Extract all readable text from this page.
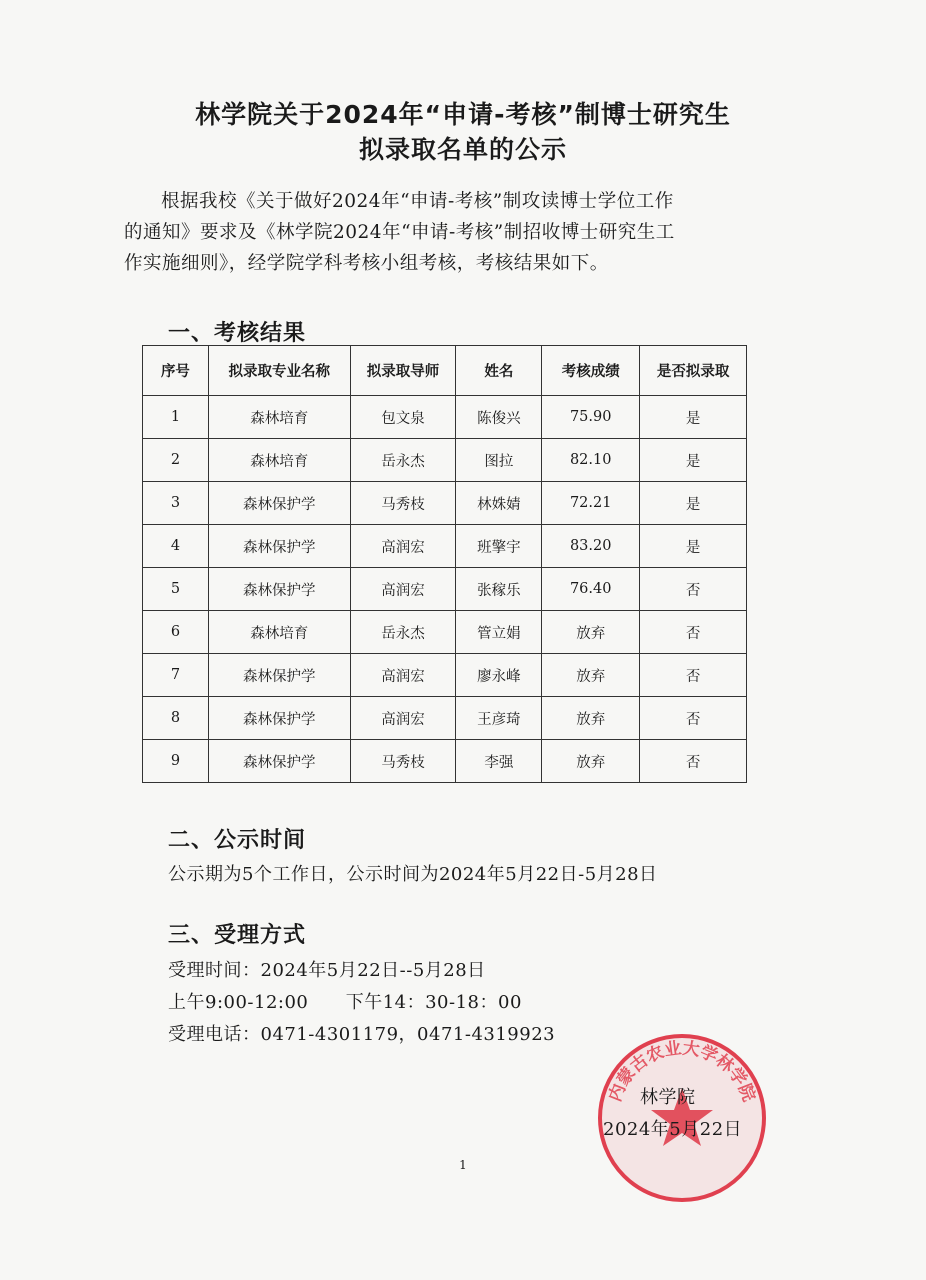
林学院关于2024年“申请-考核”制博士研究生
拟录取名单的公示
根据我校《关于做好2024年“申请-考核”制攻读博士学位工作
的通知》要求及《林学院2024年“申请-考核”制招收博士研究生工
作实施细则》，经学院学科考核小组考核，考核结果如下。
一、考核结果
序号	拟录取专业名称	拟录取导师	姓名	考核成绩	是否拟录取
1	森林培育	包文泉	陈俊兴	75.90	是
2	森林培育	岳永杰	图拉	82.10	是
3	森林保护学	马秀枝	林姝婧	72.21	是
4	森林保护学	高润宏	班擎宇	83.20	是
5	森林保护学	高润宏	张稼乐	76.40	否
6	森林培育	岳永杰	管立娟	放弃	否
7	森林保护学	高润宏	廖永峰	放弃	否
8	森林保护学	高润宏	王彦琦	放弃	否
9	森林保护学	马秀枝	李强	放弃	否
二、公示时间
公示期为5个工作日，公示时间为2024年5月22日-5月28日
三、受理方式
受理时间：2024年5月22日--5月28日
上午9:00-12:00      下午14：30-18：00
受理电话：0471-4301179，0471-4319923
内蒙古农业大学林学院
林学院
2024年5月22日
1
